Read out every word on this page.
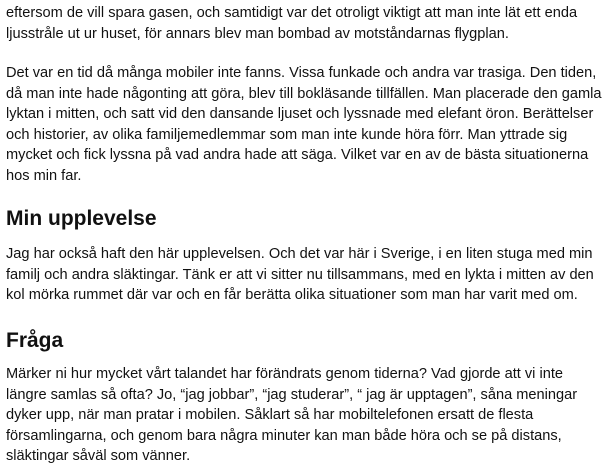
eftersom de vill spara gasen, och samtidigt var det otroligt viktigt att man inte lät ett enda ljusstråle ut ur huset, för annars blev man bombad av motståndarnas flygplan.

Det var en tid då många mobiler inte fanns. Vissa funkade och andra var trasiga. Den tiden, då man inte hade någonting att göra, blev till bokläsande tillfällen. Man placerade den gamla lyktan i mitten, och satt vid den dansande ljuset och lyssnade med elefant öron. Berättelser och historier, av olika familjemedlemmar som man inte kunde höra förr. Man yttrade sig mycket och fick lyssna på vad andra hade att säga. Vilket var en av de bästa situationerna hos min far.

Min upplevelse

Jag har också haft den här upplevelsen. Och det var här i Sverige, i en liten stuga med min familj och andra släktingar. Tänk er att vi sitter nu tillsammans, med en lykta i mitten av den kol mörka rummet där var och en får berätta olika situationer som man har varit med om.

Fråga

Märker ni hur mycket vårt talandet har förändrats genom tiderna? Vad gjorde att vi inte längre samlas så ofta? Jo, “jag jobbar”, “jag studerar”, “ jag är upptagen”, såna meningar dyker upp, när man pratar i mobilen. Såklart så har mobiltelefonen ersatt de flesta församlingarna, och genom bara några minuter kan man både höra och se på distans, släktingar såväl som vänner.
